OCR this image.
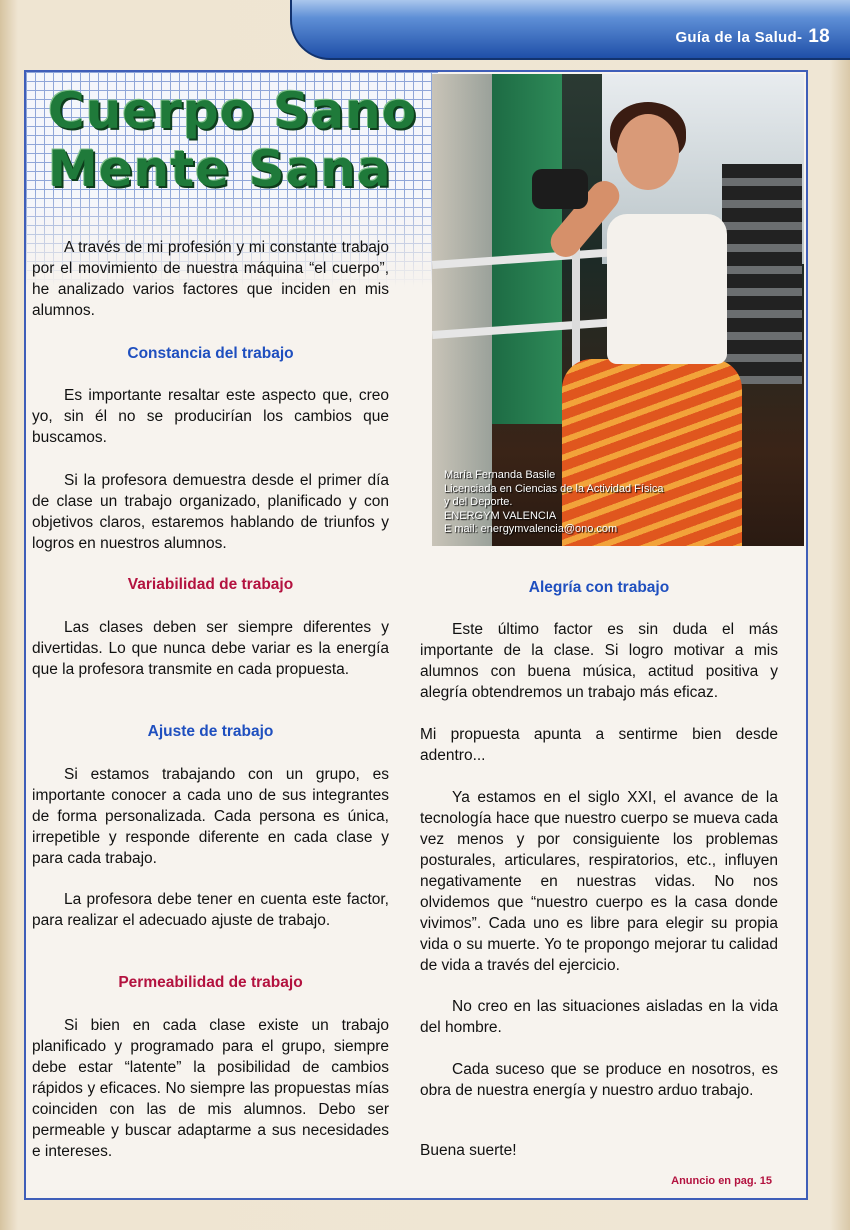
Guía de la Salud- 18
Cuerpo Sano
Mente Sana
María Fernanda Basile
Licenciada en Ciencias de la Actividad Física
y del Deporte.
ENERGYM VALENCIA
E mail: energymvalencia@ono.com

A través de mi profesión y mi constante trabajo por el movimiento de nuestra máquina “el cuerpo”, he analizado varios factores que inciden en mis alumnos.

Constancia del trabajo

Es importante resaltar este aspecto que, creo yo, sin él no se producirían los cambios que buscamos.

Si la profesora demuestra desde el primer día de clase un trabajo organizado, planificado y con objetivos claros, estaremos hablando de triunfos y logros en nuestros alumnos.

Variabilidad de trabajo

Las clases deben ser siempre diferentes y divertidas. Lo que nunca debe variar es la energía que la profesora transmite en cada propuesta.

Ajuste de trabajo

Si estamos trabajando con un grupo, es importante conocer a cada uno de sus integrantes de forma personalizada. Cada persona es única, irrepetible y responde diferente en cada clase y para cada trabajo.

La profesora debe tener en cuenta este factor, para realizar el adecuado ajuste de trabajo.

Permeabilidad de trabajo

Si bien en cada clase existe un trabajo planificado y programado para el grupo, siempre debe estar “latente” la posibilidad de cambios rápidos y eficaces. No siempre las propuestas mías coinciden con las de mis alumnos. Debo ser permeable y buscar adaptarme a sus necesidades e intereses.

Alegría con trabajo

Este último factor es sin duda el más importante de la clase. Si logro motivar a mis alumnos con buena música, actitud positiva y alegría obtendremos un trabajo más eficaz.

Mi propuesta apunta a sentirme bien desde adentro...

Ya estamos en el siglo XXI, el avance de la tecnología hace que nuestro cuerpo se mueva cada vez menos y por consiguiente los problemas posturales, articulares, respiratorios, etc., influyen negativamente en nuestras vidas. No nos olvidemos que “nuestro cuerpo es la casa donde vivimos”. Cada uno es libre para elegir su propia vida o su muerte. Yo te propongo mejorar tu calidad de vida a través del ejercicio.

No creo en las situaciones aisladas en la vida del hombre.

Cada suceso que se produce en nosotros, es obra de nuestra energía y nuestro arduo trabajo.

Buena suerte!

Anuncio en pag. 15
